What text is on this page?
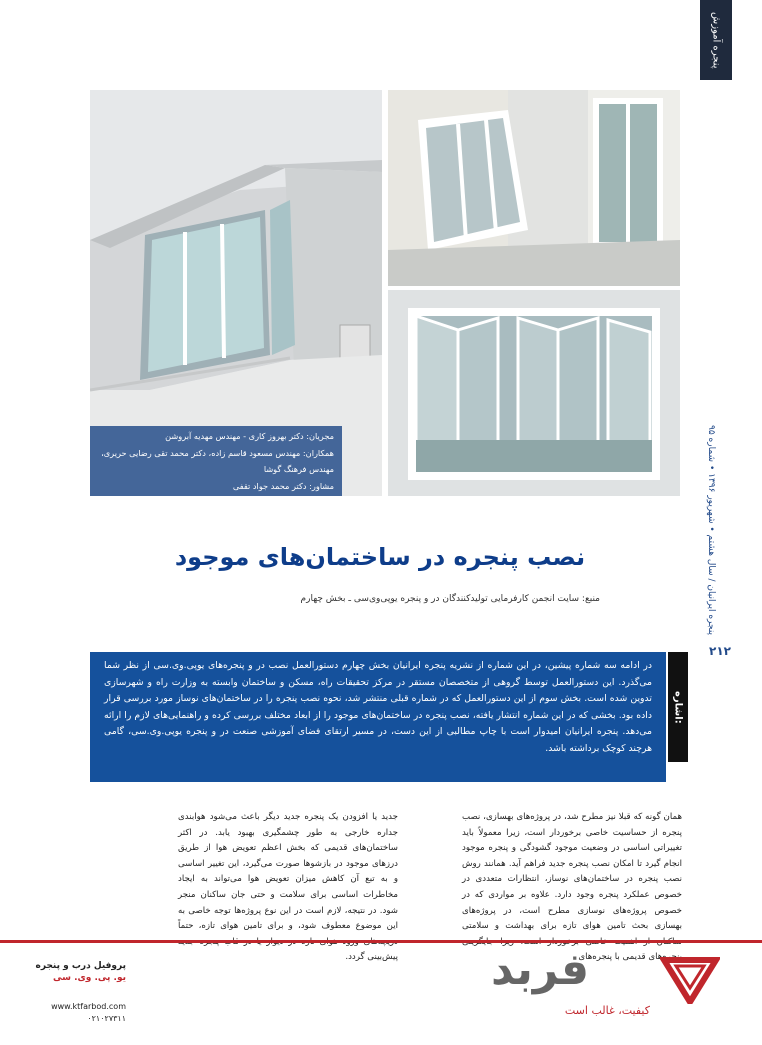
پنجره آموزش
مجریان: دکتر بهروز کاری - مهندس مهدیه آبروشن
همکاران: مهندس مسعود قاسم زاده، دکتر محمد تقی رضایی حریری،
مهندس فرهنگ گوشا
مشاور: دکتر محمد جواد تقفی
پنجره ایرانیان / سال هشتم • شهریور ۱۳۹۶ • شماره ۹۵
۲۱۲
نصب پنجره در ساختمان‌های موجود
منبع: سایت انجمن کارفرمایی تولیدکنندگان در و پنجره یوپی‌وی‌سی ـ بخش چهارم
اشاره:
در ادامه سه شماره پیشین، در این شماره از نشریه پنجره ایرانیان بخش چهارم دستورالعمل نصب در و پنجره‌های یوپی.وی.سی از نظر شما می‌گذرد. این دستورالعمل توسط گروهی از متخصصان مستقر در مرکز تحقیقات راه، مسکن و ساختمان وابسته به وزارت راه و شهرسازی تدوین شده است. بخش سوم از این دستورالعمل که در شماره قبلی منتشر شد، نحوه نصب پنجره را در ساختمان‌های نوساز مورد بررسی قرار داده بود. بخشی که در این شماره انتشار یافته، نصب پنجره در ساختمان‌های موجود را از ابعاد مختلف بررسی کرده و راهنمایی‌های لازم را ارائه می‌دهد. پنجره ایرانیان امیدوار است با چاپ مطالبی از این دست، در مسیر ارتقای فضای آموزشی صنعت در و پنجره یوپی.وی.سی، گامی هرچند کوچک برداشته باشد.
همان گونه که قبلا نیز مطرح شد، در پروژه‌های بهسازی، نصب پنجره از حساسیت خاصی برخوردار است، زیرا معمولاً باید تغییراتی اساسی در وضعیت موجود گشودگی و پنجره موجود انجام گیرد تا امکان نصب پنجره جدید فراهم آید. همانند روش نصب پنجره در ساختمان‌های نوساز، انتظارات متعددی در خصوص عملکرد پنجره وجود دارد. علاوه بر مواردی که در خصوص پروژه‌های نوسازی مطرح است، در پروژه‌های بهسازی بحث تامین هوای تازه برای بهداشت و سلامتی پنجره‌های قدیمی با پنجره‌های
جدید یا افزودن یک پنجره جدید دیگر باعث می‌شود هوابندی جداره خارجی به طور چشمگیری بهبود یابد. در اکثر ساختمان‌های قدیمی که بخش اعظم تعویض هوا از طریق درزهای موجود در بازشوها صورت می‌گیرد، این تغییر اساسی و به تبع آن کاهش میزان تعویض هوا می‌تواند به ایجاد مخاطرات اساسی برای سلامت و حتی جان ساکنان منجر شود. در نتیجه، لازم است در این نوع پروژه‌ها توجه خاصی به این موضوع معطوف شود، و برای تامین هوای تازه، حتماً پیش‌بینی گردد.	فربد
کیفیت، غالب است
پروفیل درب و پنجره
یو. پی. وی. سی
www.ktfarbod.com
۰۲۱۰۲۷۳۱۱
